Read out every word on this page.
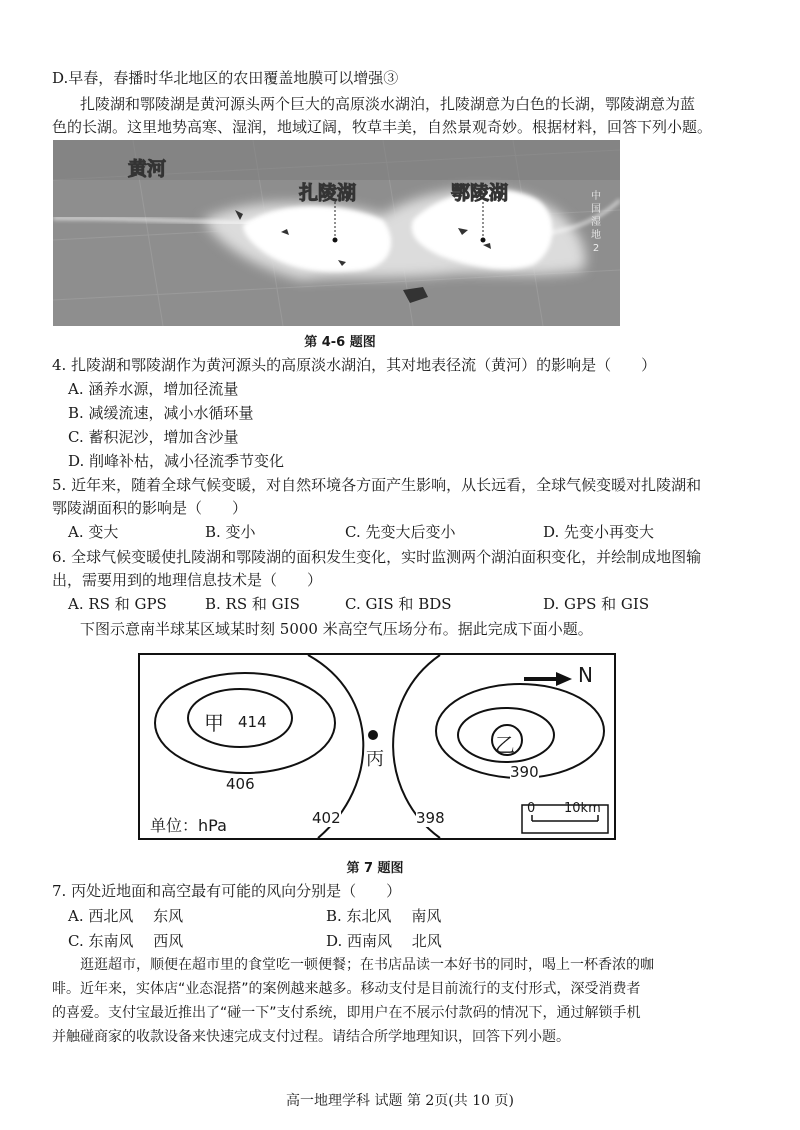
D.早春，春播时华北地区的农田覆盖地膜可以增强③
扎陵湖和鄂陵湖是黄河源头两个巨大的高原淡水湖泊，扎陵湖意为白色的长湖，鄂陵湖意为蓝
色的长湖。这里地势高寒、湿润，地域辽阔，牧草丰美，自然景观奇妙。根据材料，回答下列小题。
黄河
扎陵湖	鄂陵湖	中
国
湿
地
2
第 4-6 题图
4. 扎陵湖和鄂陵湖作为黄河源头的高原淡水湖泊，其对地表径流（黄河）的影响是（　　）
A. 涵养水源，增加径流量
B. 减缓流速，减小水循环量
C. 蓄积泥沙，增加含沙量
D. 削峰补枯，减小径流季节变化
5. 近年来，随着全球气候变暖，对自然环境各方面产生影响，从长远看，全球气候变暖对扎陵湖和
鄂陵湖面积的影响是（　　）
A. 变大	B. 变小	C. 先变大后变小	D. 先变小再变大
6. 全球气候变暖使扎陵湖和鄂陵湖的面积发生变化，实时监测两个湖泊面积变化，并绘制成地图输
出，需要用到的地理信息技术是（　　）
A. RS 和 GPS	B. RS 和 GIS	C. GIS 和 BDS	D. GPS 和 GIS
下图示意南半球某区域某时刻 5000 米高空气压场分布。据此完成下面小题。
N
甲
乙
丙
414
406
402	398
390
单位：hPa
0 10km
第 7 题图
7. 丙处近地面和高空最有可能的风向分别是（　　）
A. 西北风　 东风	B. 东北风　 南风
C. 东南风　 西风	D. 西南风　 北风
逛逛超市，顺便在超市里的食堂吃一顿便餐；在书店品读一本好书的同时，喝上一杯香浓的咖
啡。近年来，实体店“业态混搭”的案例越来越多。移动支付是目前流行的支付形式，深受消费者
的喜爱。支付宝最近推出了“碰一下”支付系统，即用户在不展示付款码的情况下，通过解锁手机
并触碰商家的收款设备来快速完成支付过程。请结合所学地理知识，回答下列小题。
高一地理学科 试题 第 2页(共 10 页)
